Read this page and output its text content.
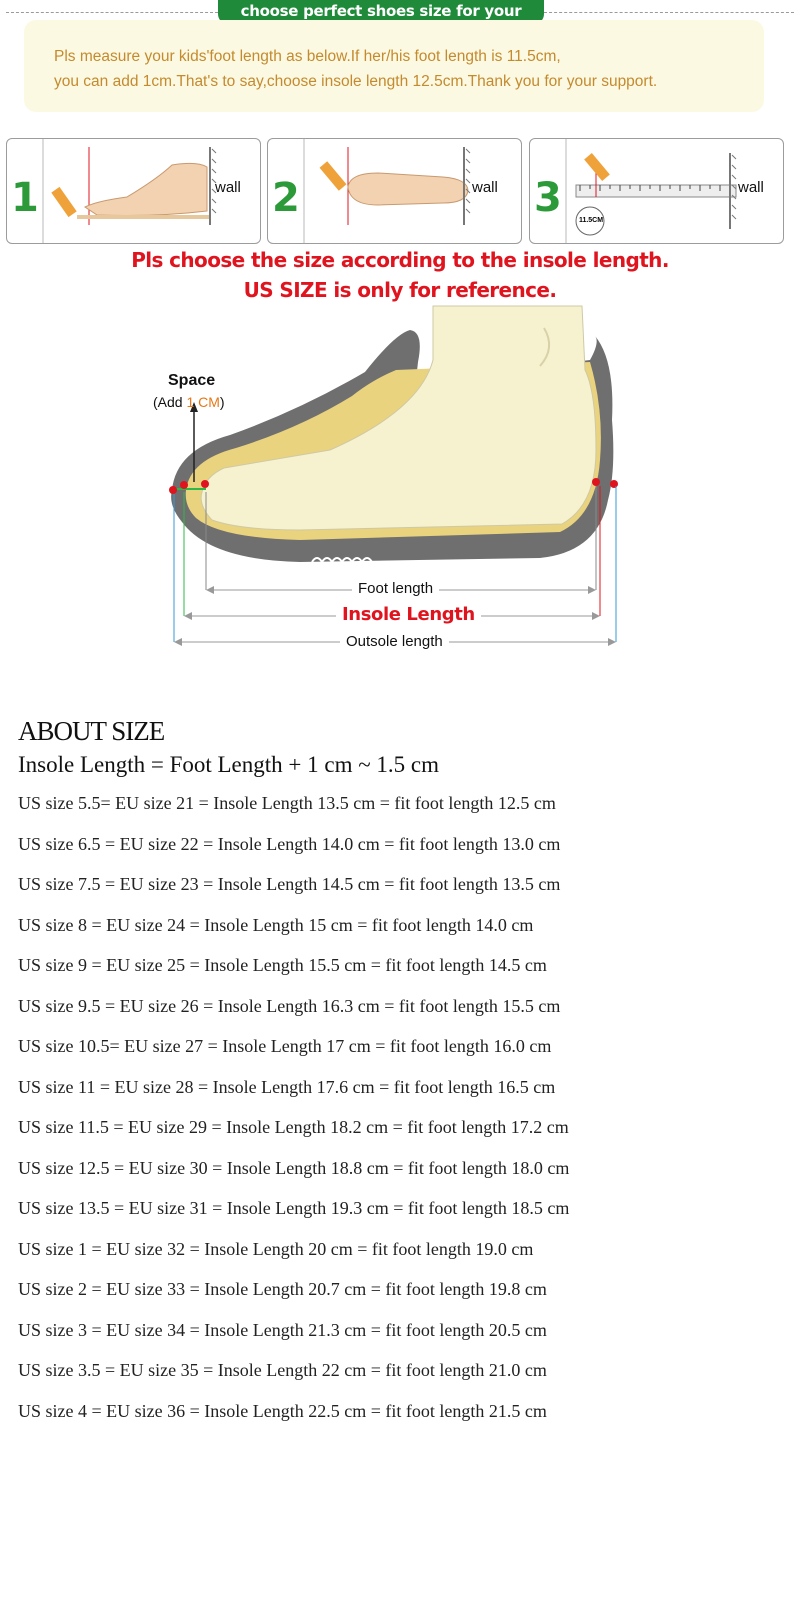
choose perfect shoes size for your
Pls measure your kids'foot length as below.If her/his foot length is 11.5cm,
you can add 1cm.That's to say,choose insole length 12.5cm.Thank you for your support.
1	wall 2	wall 3 11.5CM
wall
Pls choose the size according to the insole length.
US SIZE is only for reference.
Space
(Add 1 CM)
Foot length
Insole Length
Outsole length
ABOUT SIZE
Insole Length = Foot Length + 1 cm ~ 1.5 cm
US size 5.5= EU size 21 = Insole Length 13.5 cm = fit foot length 12.5 cm
US size 6.5 = EU size 22 = Insole Length 14.0 cm = fit foot length 13.0 cm
US size 7.5 = EU size 23 = Insole Length 14.5 cm = fit foot length 13.5 cm
US size 8 = EU size 24 = Insole Length 15 cm = fit foot length 14.0 cm
US size 9 = EU size 25 = Insole Length 15.5 cm = fit foot length 14.5 cm
US size 9.5 = EU size 26 = Insole Length 16.3 cm = fit foot length 15.5 cm
US size 10.5= EU size 27 = Insole Length 17 cm = fit foot length 16.0 cm
US size 11 = EU size 28 = Insole Length 17.6 cm = fit foot length 16.5 cm
US size 11.5 = EU size 29 = Insole Length 18.2 cm = fit foot length 17.2 cm
US size 12.5 = EU size 30 = Insole Length 18.8 cm = fit foot length 18.0 cm
US size 13.5 = EU size 31 = Insole Length 19.3 cm = fit foot length 18.5 cm
US size 1 = EU size 32 = Insole Length 20 cm = fit foot length 19.0 cm
US size 2 = EU size 33 = Insole Length 20.7 cm = fit foot length 19.8 cm
US size 3 = EU size 34 = Insole Length 21.3 cm = fit foot length 20.5 cm
US size 3.5 = EU size 35 = Insole Length 22 cm = fit foot length 21.0 cm
US size 4 = EU size 36 = Insole Length 22.5 cm = fit foot length 21.5 cm
